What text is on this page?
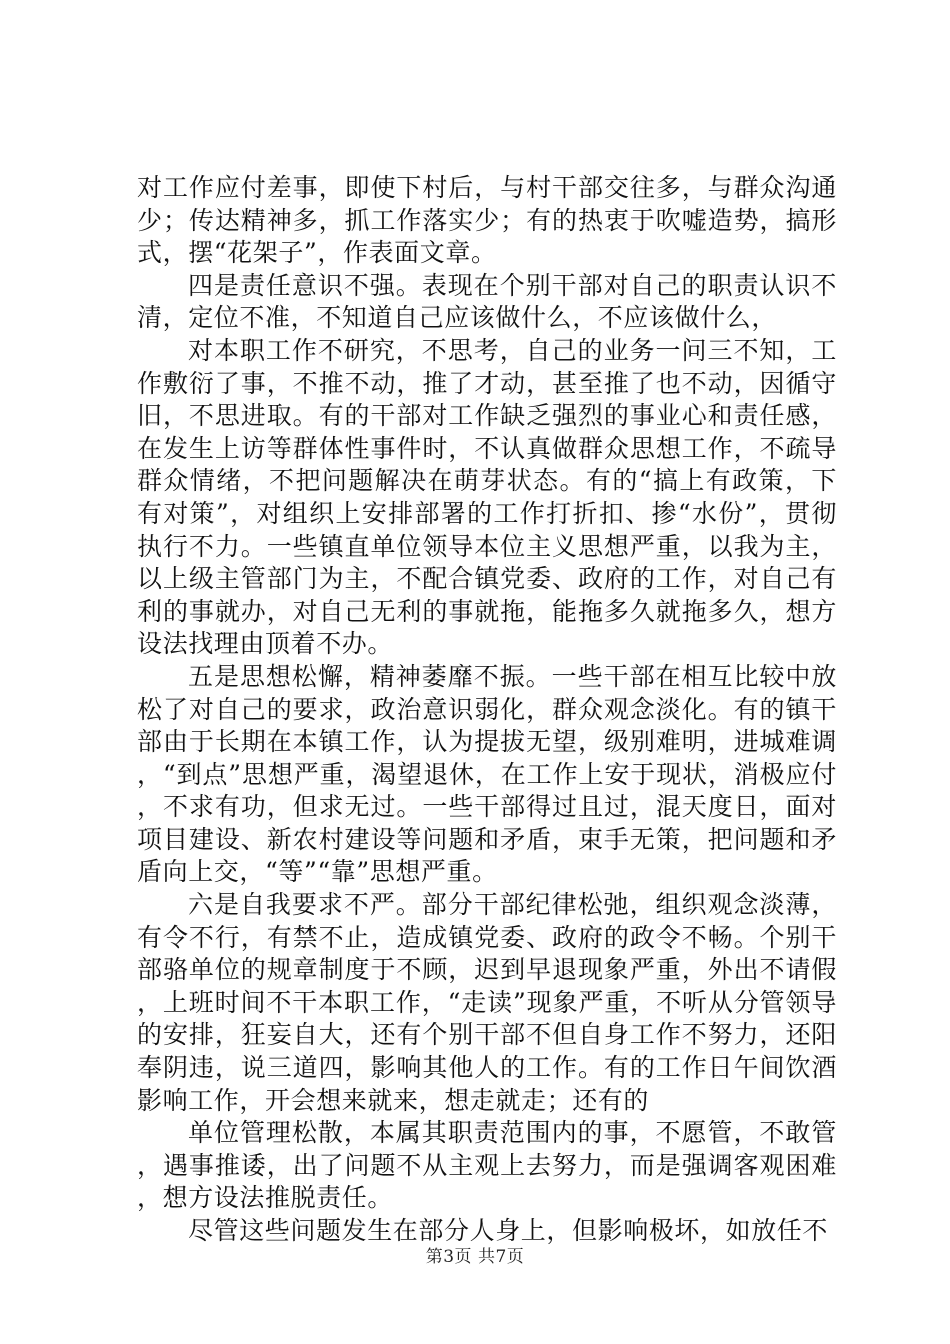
对工作应付差事，即使下村后，与村干部交往多，与群众沟通少；传达精神多，抓工作落实少；有的热衷于吹嘘造势，搞形式，摆“花架子”，作表面文章。

四是责任意识不强。表现在个别干部对自己的职责认识不清，定位不准，不知道自己应该做什么，不应该做什么，

对本职工作不研究，不思考，自己的业务一问三不知，工作敷衍了事，不推不动，推了才动，甚至推了也不动，因循守旧，不思进取。有的干部对工作缺乏强烈的事业心和责任感，在发生上访等群体性事件时，不认真做群众思想工作，不疏导群众情绪，不把问题解决在萌芽状态。有的“搞上有政策，下有对策”，对组织上安排部署的工作打折扣、掺“水份”，贯彻执行不力。一些镇直单位领导本位主义思想严重，以我为主，以上级主管部门为主，不配合镇党委、政府的工作，对自己有利的事就办，对自己无利的事就拖，能拖多久就拖多久，想方设法找理由顶着不办。

五是思想松懈，精神萎靡不振。一些干部在相互比较中放松了对自己的要求，政治意识弱化，群众观念淡化。有的镇干部由于长期在本镇工作，认为提拔无望，级别难明，进城难调，“到点”思想严重，渴望退休，在工作上安于现状，消极应付，不求有功，但求无过。一些干部得过且过，混天度日，面对项目建设、新农村建设等问题和矛盾，束手无策，把问题和矛盾向上交，“等”“靠”思想严重。

六是自我要求不严。部分干部纪律松弛，组织观念淡薄，有令不行，有禁不止，造成镇党委、政府的政令不畅。个别干部骆单位的规章制度于不顾，迟到早退现象严重，外出不请假，上班时间不干本职工作，“走读”现象严重，不听从分管领导的安排，狂妄自大，还有个别干部不但自身工作不努力，还阳奉阴违，说三道四，影响其他人的工作。有的工作日午间饮酒影响工作，开会想来就来，想走就走；还有的

单位管理松散，本属其职责范围内的事，不愿管，不敢管，遇事推诿，出了问题不从主观上去努力，而是强调客观困难，想方设法推脱责任。

尽管这些问题发生在部分人身上，但影响极坏，如放任不

第3页 共7页
